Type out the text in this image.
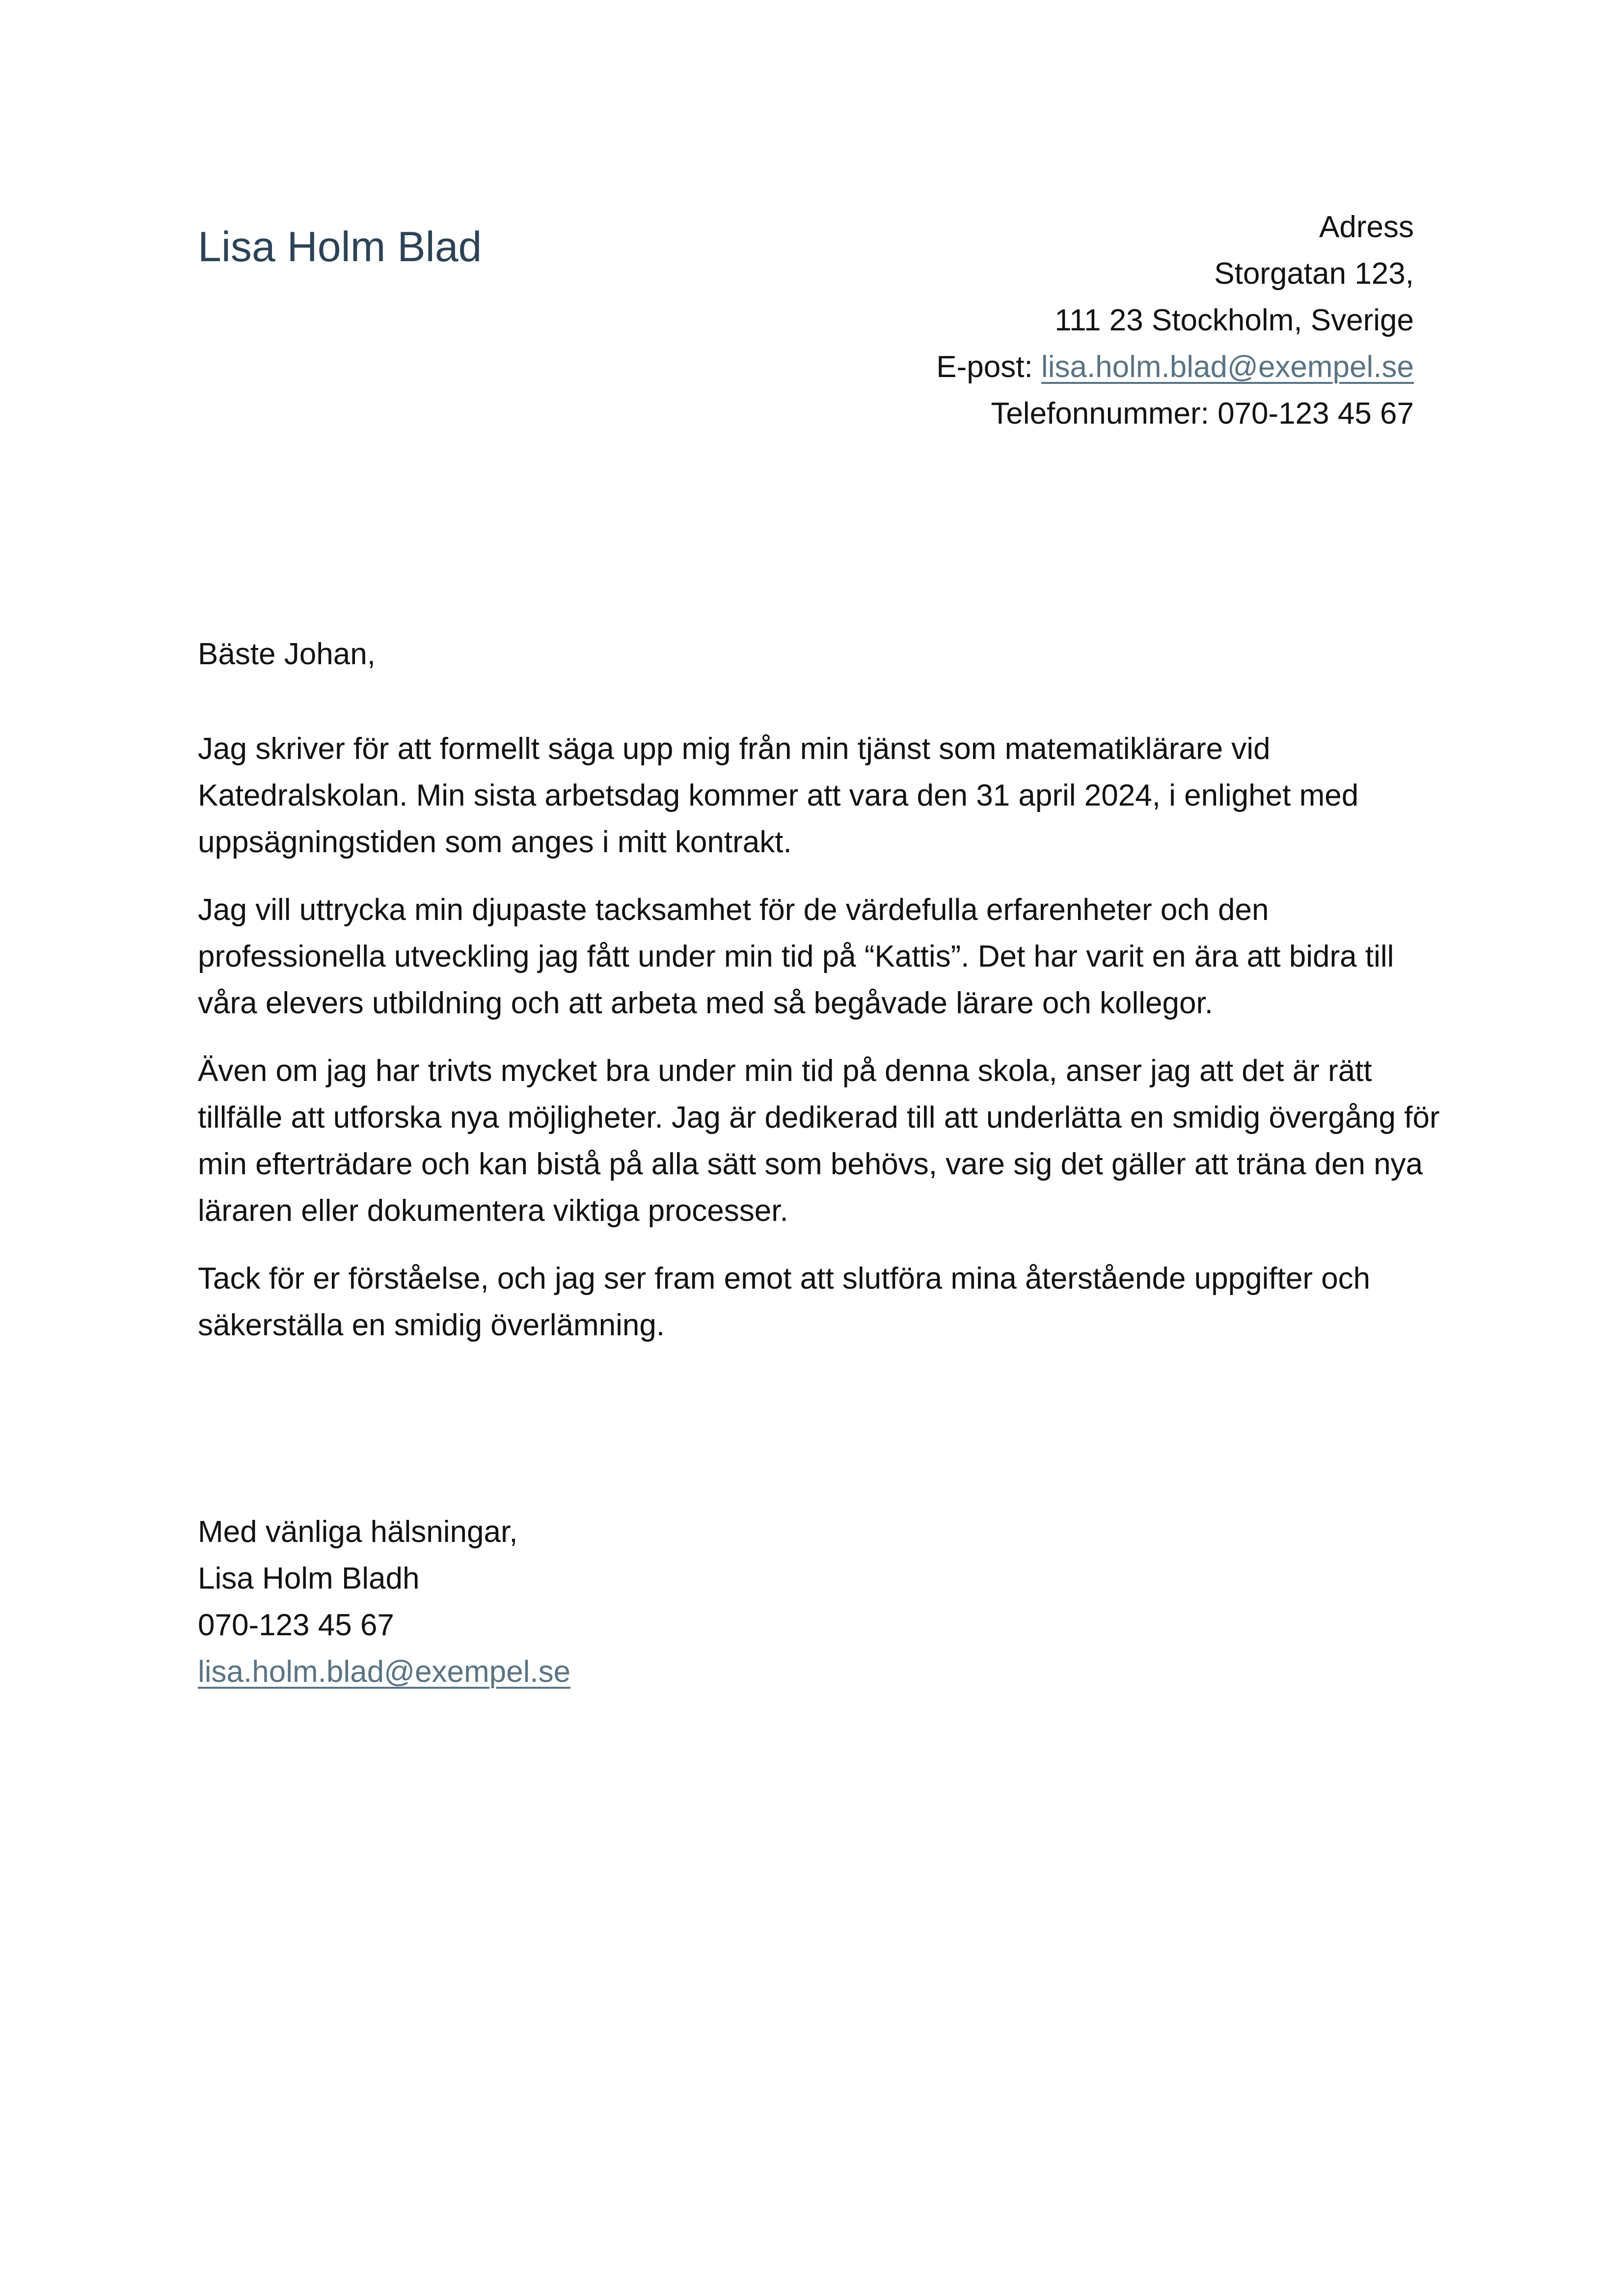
Lisa Holm Blad	Adress
Storgatan 123,
111 23 Stockholm, Sverige
E-post: lisa.holm.blad@exempel.se
Telefonnummer: 070-123 45 67
Bäste Johan,

Jag skriver för att formellt säga upp mig från min tjänst som matematiklärare vid Katedralskolan. Min sista arbetsdag kommer att vara den 31 april 2024, i enlighet med uppsägningstiden som anges i mitt kontrakt.

Jag vill uttrycka min djupaste tacksamhet för de värdefulla erfarenheter och den professionella utveckling jag fått under min tid på “Kattis”. Det har varit en ära att bidra till våra elevers utbildning och att arbeta med så begåvade lärare och kollegor.

Även om jag har trivts mycket bra under min tid på denna skola, anser jag att det är rätt tillfälle att utforska nya möjligheter. Jag är dedikerad till att underlätta en smidig övergång för min efterträdare och kan bistå på alla sätt som behövs, vare sig det gäller att träna den nya läraren eller dokumentera viktiga processer.

Tack för er förståelse, och jag ser fram emot att slutföra mina återstående uppgifter och säkerställa en smidig överlämning.

Med vänliga hälsningar,
Lisa Holm Bladh
070-123 45 67
lisa.holm.blad@exempel.se
